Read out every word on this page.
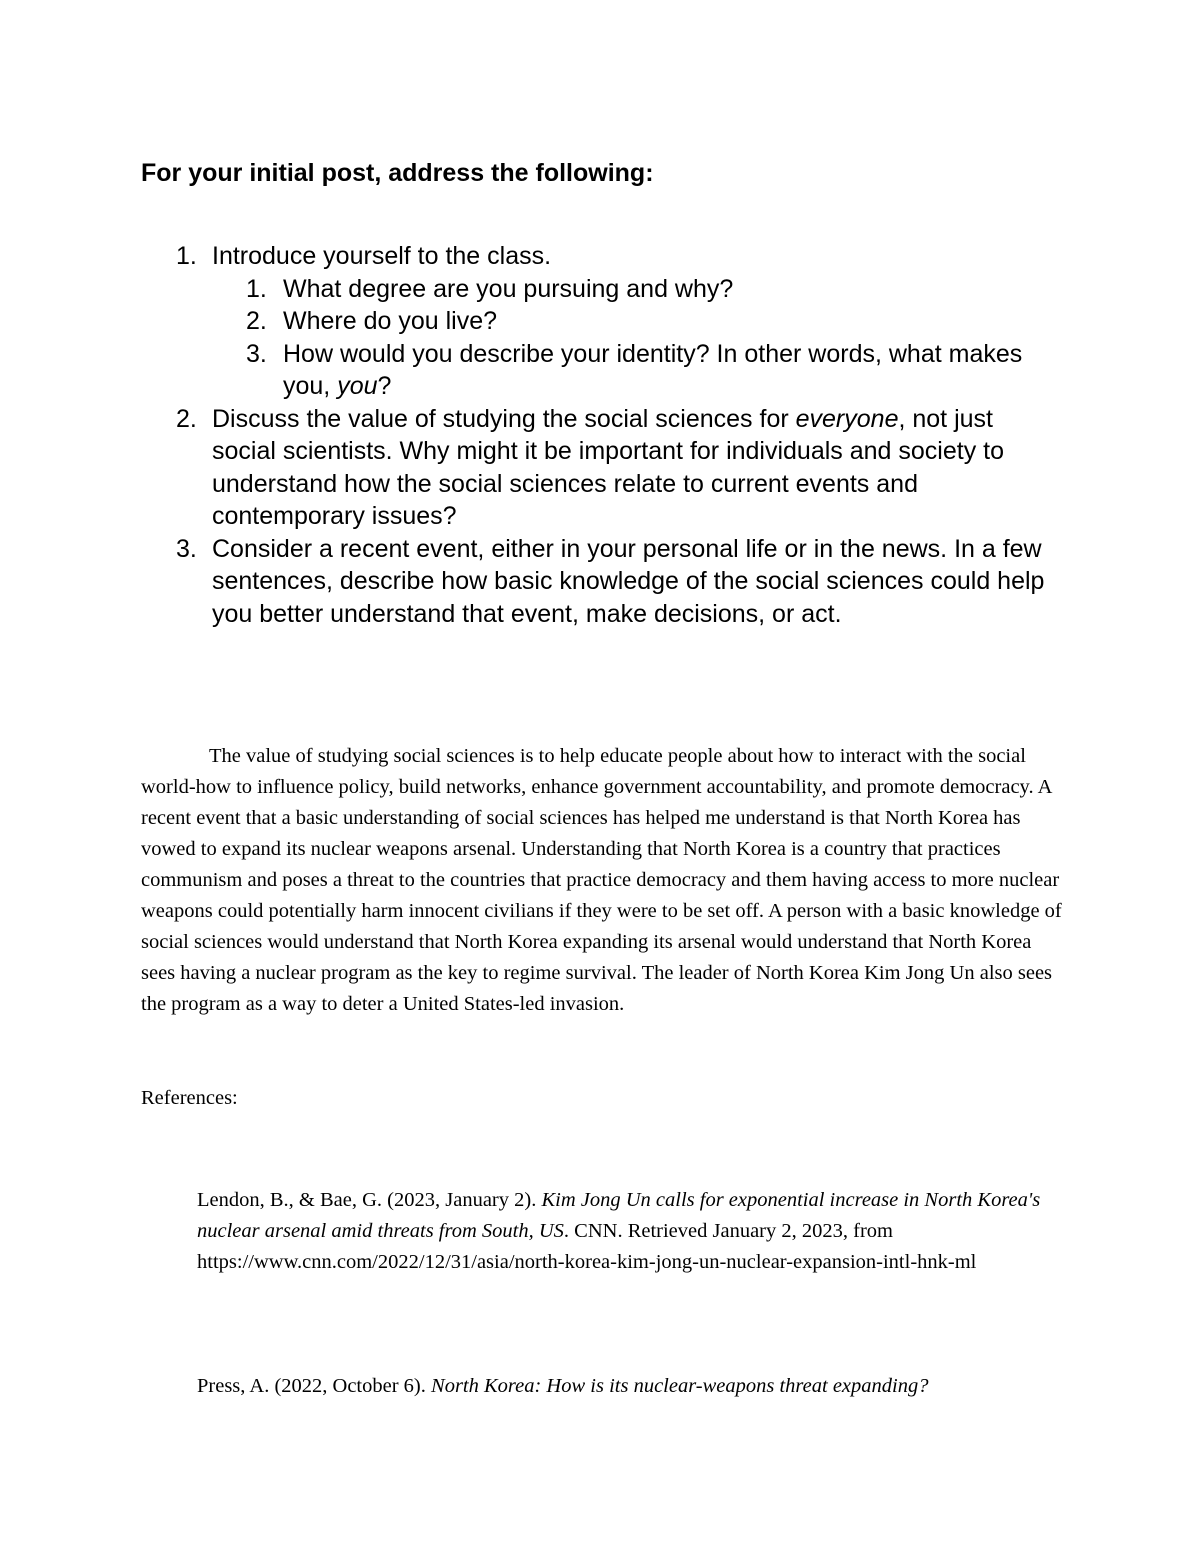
For your initial post, address the following:
1. Introduce yourself to the class.
1. What degree are you pursuing and why?
2. Where do you live?
3. How would you describe your identity? In other words, what makes you, you?
2. Discuss the value of studying the social sciences for everyone, not just social scientists. Why might it be important for individuals and society to understand how the social sciences relate to current events and contemporary issues?
3. Consider a recent event, either in your personal life or in the news. In a few sentences, describe how basic knowledge of the social sciences could help you better understand that event, make decisions, or act.

The value of studying social sciences is to help educate people about how to interact with the social world-how to influence policy, build networks, enhance government accountability, and promote democracy. A recent event that a basic understanding of social sciences has helped me understand is that North Korea has vowed to expand its nuclear weapons arsenal. Understanding that North Korea is a country that practices communism and poses a threat to the countries that practice democracy and them having access to more nuclear weapons could potentially harm innocent civilians if they were to be set off. A person with a basic knowledge of social sciences would understand that North Korea expanding its arsenal would understand that North Korea sees having a nuclear program as the key to regime survival. The leader of North Korea Kim Jong Un also sees the program as a way to deter a United States-led invasion.

References:

Lendon, B., & Bae, G. (2023, January 2). Kim Jong Un calls for exponential increase in North Korea's nuclear arsenal amid threats from South, US. CNN. Retrieved January 2, 2023, from https://www.cnn.com/2022/12/31/asia/north-korea-kim-jong-un-nuclear-expansion-intl-hnk-ml

Press, A. (2022, October 6). North Korea: How is its nuclear-weapons threat expanding?
